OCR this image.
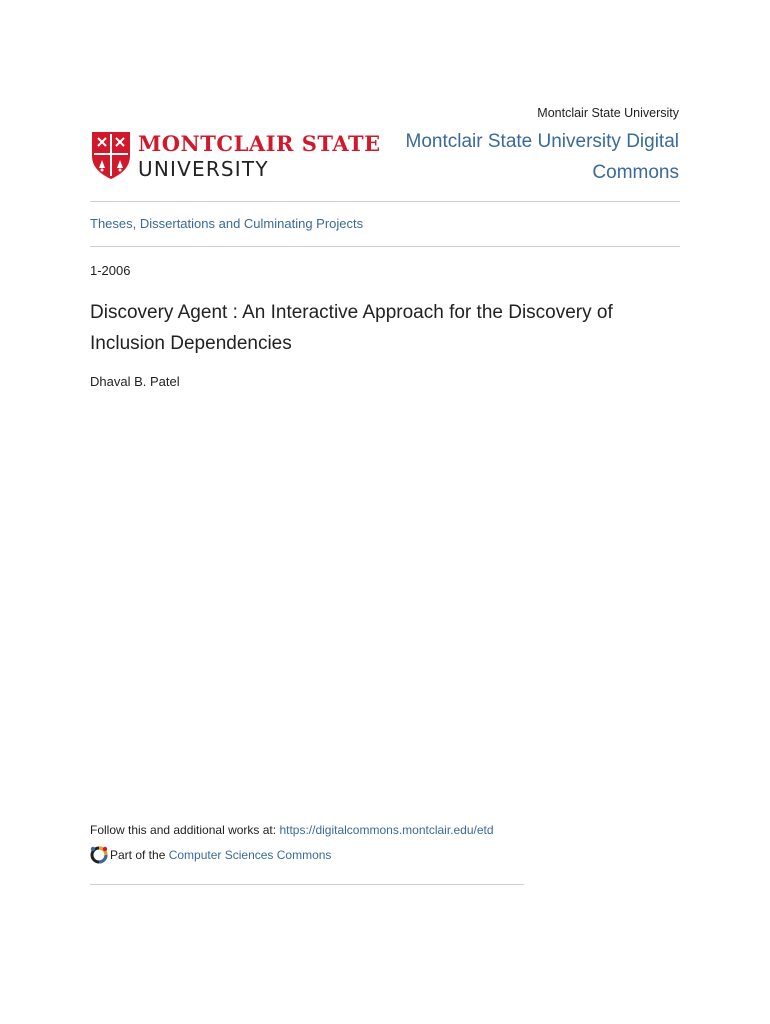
Montclair State University
MONTCLAIR STATE
UNIVERSITY
Montclair State University Digital Commons
Theses, Dissertations and Culminating Projects
1-2006
Discovery Agent : An Interactive Approach for the Discovery of Inclusion Dependencies
Dhaval B. Patel
Follow this and additional works at: https://digitalcommons.montclair.edu/etd
Part of the Computer Sciences Commons
